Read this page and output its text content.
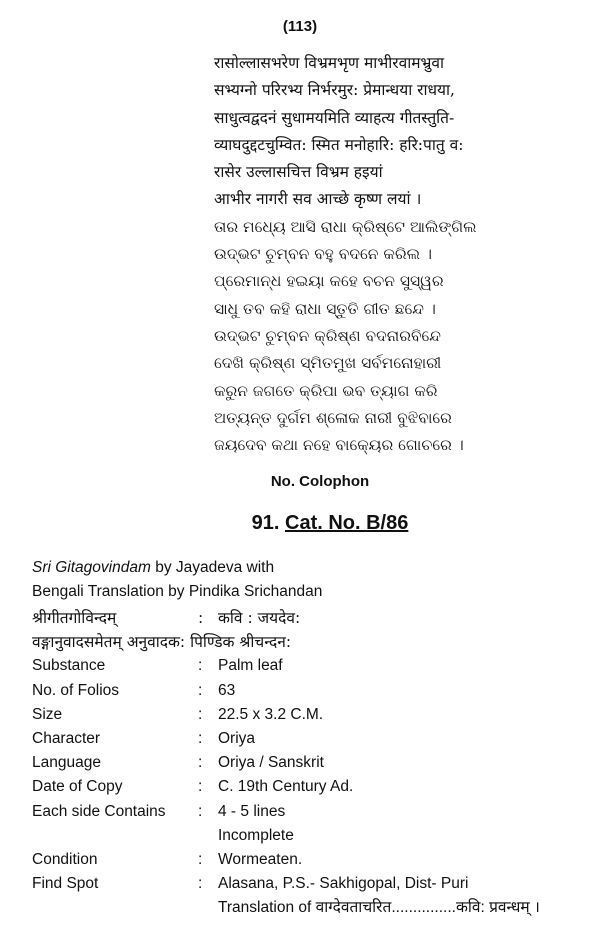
(113)
रासोल्लासभरेण विभ्रमभृण माभीरवामभ्रुवा
सभ्यग्नो परिरभ्य निर्भरमुर: प्रेमान्धया राधया,
साधुत्वद्वदनं सुधामयमिति व्याहत्य गीतस्तुति-
व्याघदुद्दटचुम्वित: स्मित मनोहारि: हरि:पातु व:
रासेर उल्लासचित्त विभ्रम हइयां
आभीर नागरी सव आच्छे कृष्ण लयां ।
ତାର ମଧ୍ୟେ ଆସି ରାଧା କ୍ରିଷ୍ଟେ ଆଲିଙ୍ଗିଲ
ଉଦ୍‌ଭଟ ଚୁମ୍ବନ ବହୁ ବଦନେ କରିଲ ।
ପ୍ରେମାନ୍ଧ ହଇୟା କହେ ବଚନ ସୁସ୍ୱର
ସାଧୁ ତବ କହି ରାଧା ସ୍ତୁତି ଗୀତ ଛନ୍ଦେ ।
ଉଦ୍‌ଭଟ ଚୁମ୍ବନ କ୍ରିଷ୍ଣ ବଦନାରବିନ୍ଦେ
ଦେଖି କ୍ରିଷ୍ଣ ସ୍ମିତମୁଖ ସର୍ବମନୋହାରୀ
କରୁନ ଜଗତେ କ୍ରିପା ଭବ ତ୍ୟାଗ କରି
ଅତ୍ୟନ୍ତ ଦୁର୍ଗମ ଶ୍ଳୋକ ନାରୀ ବୁଝିବାରେ
ଜୟଦେବ କଥା ନହେ ବାକ୍ୟେର ଗୋଚରେ ।
No. Colophon
91. Cat. No. B/86
Sri Gitagovindam by Jayadeva with
Bengali Translation by Pindika Srichandan
श्रीगीतगोविन्दम्	: कवि : जयदेव:
वङ्गानुवादसमेतम् अनुवादक: पिण्डिक श्रीचन्दन:
Substance	: Palm leaf
No. of Folios	: 63
Size	: 22.5 x 3.2 C.M.
Character	: Oriya
Language	: Oriya / Sanskrit
Date of Copy	: C. 19th Century Ad.
Each side Contains : 4 - 5 lines
Incomplete
Condition	: Wormeaten.
Find Spot	: Alasana, P.S.- Sakhigopal, Dist- Puri
Translation of वाग्देवताचरित...............कवि: प्रवन्धम् ।
